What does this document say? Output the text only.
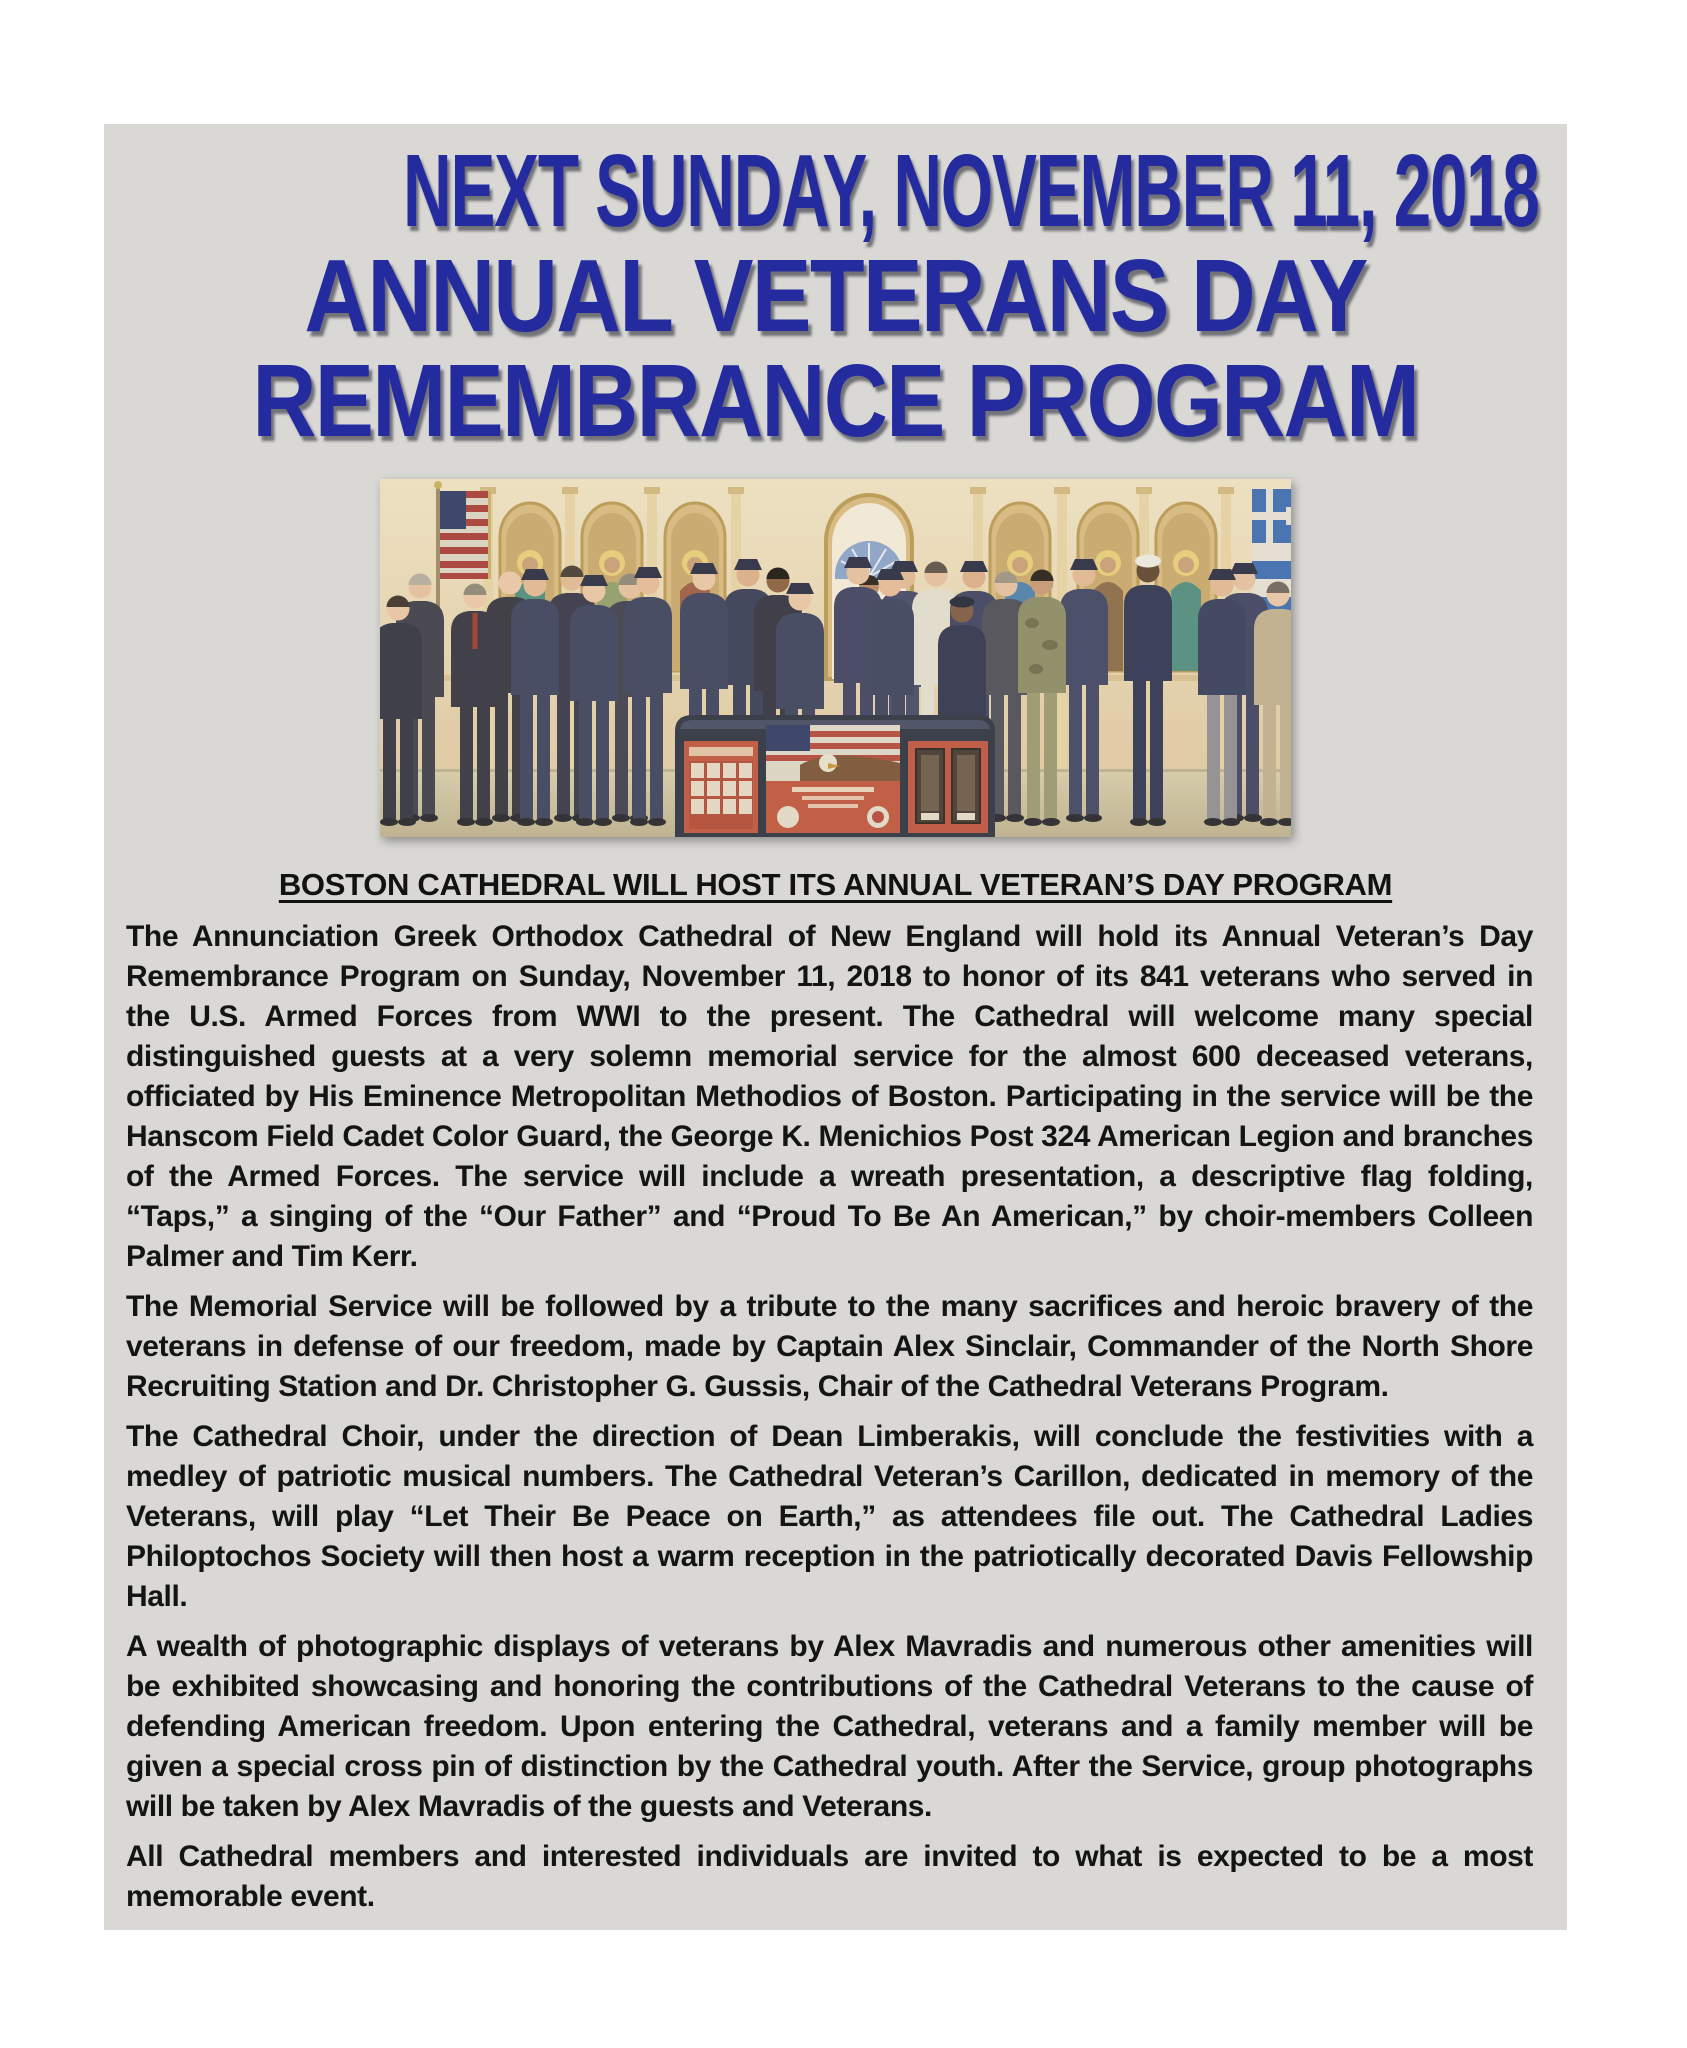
NEXT SUNDAY, NOVEMBER 11, 2018
ANNUAL VETERANS DAY
REMEMBRANCE PROGRAM
BOSTON CATHEDRAL WILL HOST ITS ANNUAL VETERAN’S DAY PROGRAM

The Annunciation Greek Orthodox Cathedral of New England will hold its Annual Veteran’s Day Remembrance Program on Sunday, November 11, 2018 to honor of its 841 veterans who served in the U.S. Armed Forces from WWI to the present. The Cathedral will welcome many special distinguished guests at a very solemn memorial service for the almost 600 deceased veterans, officiated by His Eminence Metropolitan Methodios of Boston. Participating in the service will be the Hanscom Field Cadet Color Guard, the George K. Menichios Post 324 American Legion and branches of the Armed Forces. The service will include a wreath presentation, a descriptive flag folding, “Taps,” a singing of the “Our Father” and “Proud To Be An American,” by choir-members Colleen Palmer and Tim Kerr.

The Memorial Service will be followed by a tribute to the many sacrifices and heroic bravery of the veterans in defense of our freedom, made by Captain Alex Sinclair, Commander of the North Shore Recruiting Station and Dr. Christopher G. Gussis, Chair of the Cathedral Veterans Program.

The Cathedral Choir, under the direction of Dean Limberakis, will conclude the festivities with a medley of patriotic musical numbers. The Cathedral Veteran’s Carillon, dedicated in memory of the Veterans, will play “Let Their Be Peace on Earth,” as attendees file out. The Cathedral Ladies Philoptochos Society will then host a warm reception in the patriotically decorated Davis Fellowship Hall.

A wealth of photographic displays of veterans by Alex Mavradis and numerous other amenities will be exhibited showcasing and honoring the contributions of the Cathedral Veterans to the cause of defending American freedom. Upon entering the Cathedral, veterans and a family member will be given a special cross pin of distinction by the Cathedral youth. After the Service, group photographs will be taken by Alex Mavradis of the guests and Veterans.

All Cathedral members and interested individuals are invited to what is expected to be a most memorable event.
